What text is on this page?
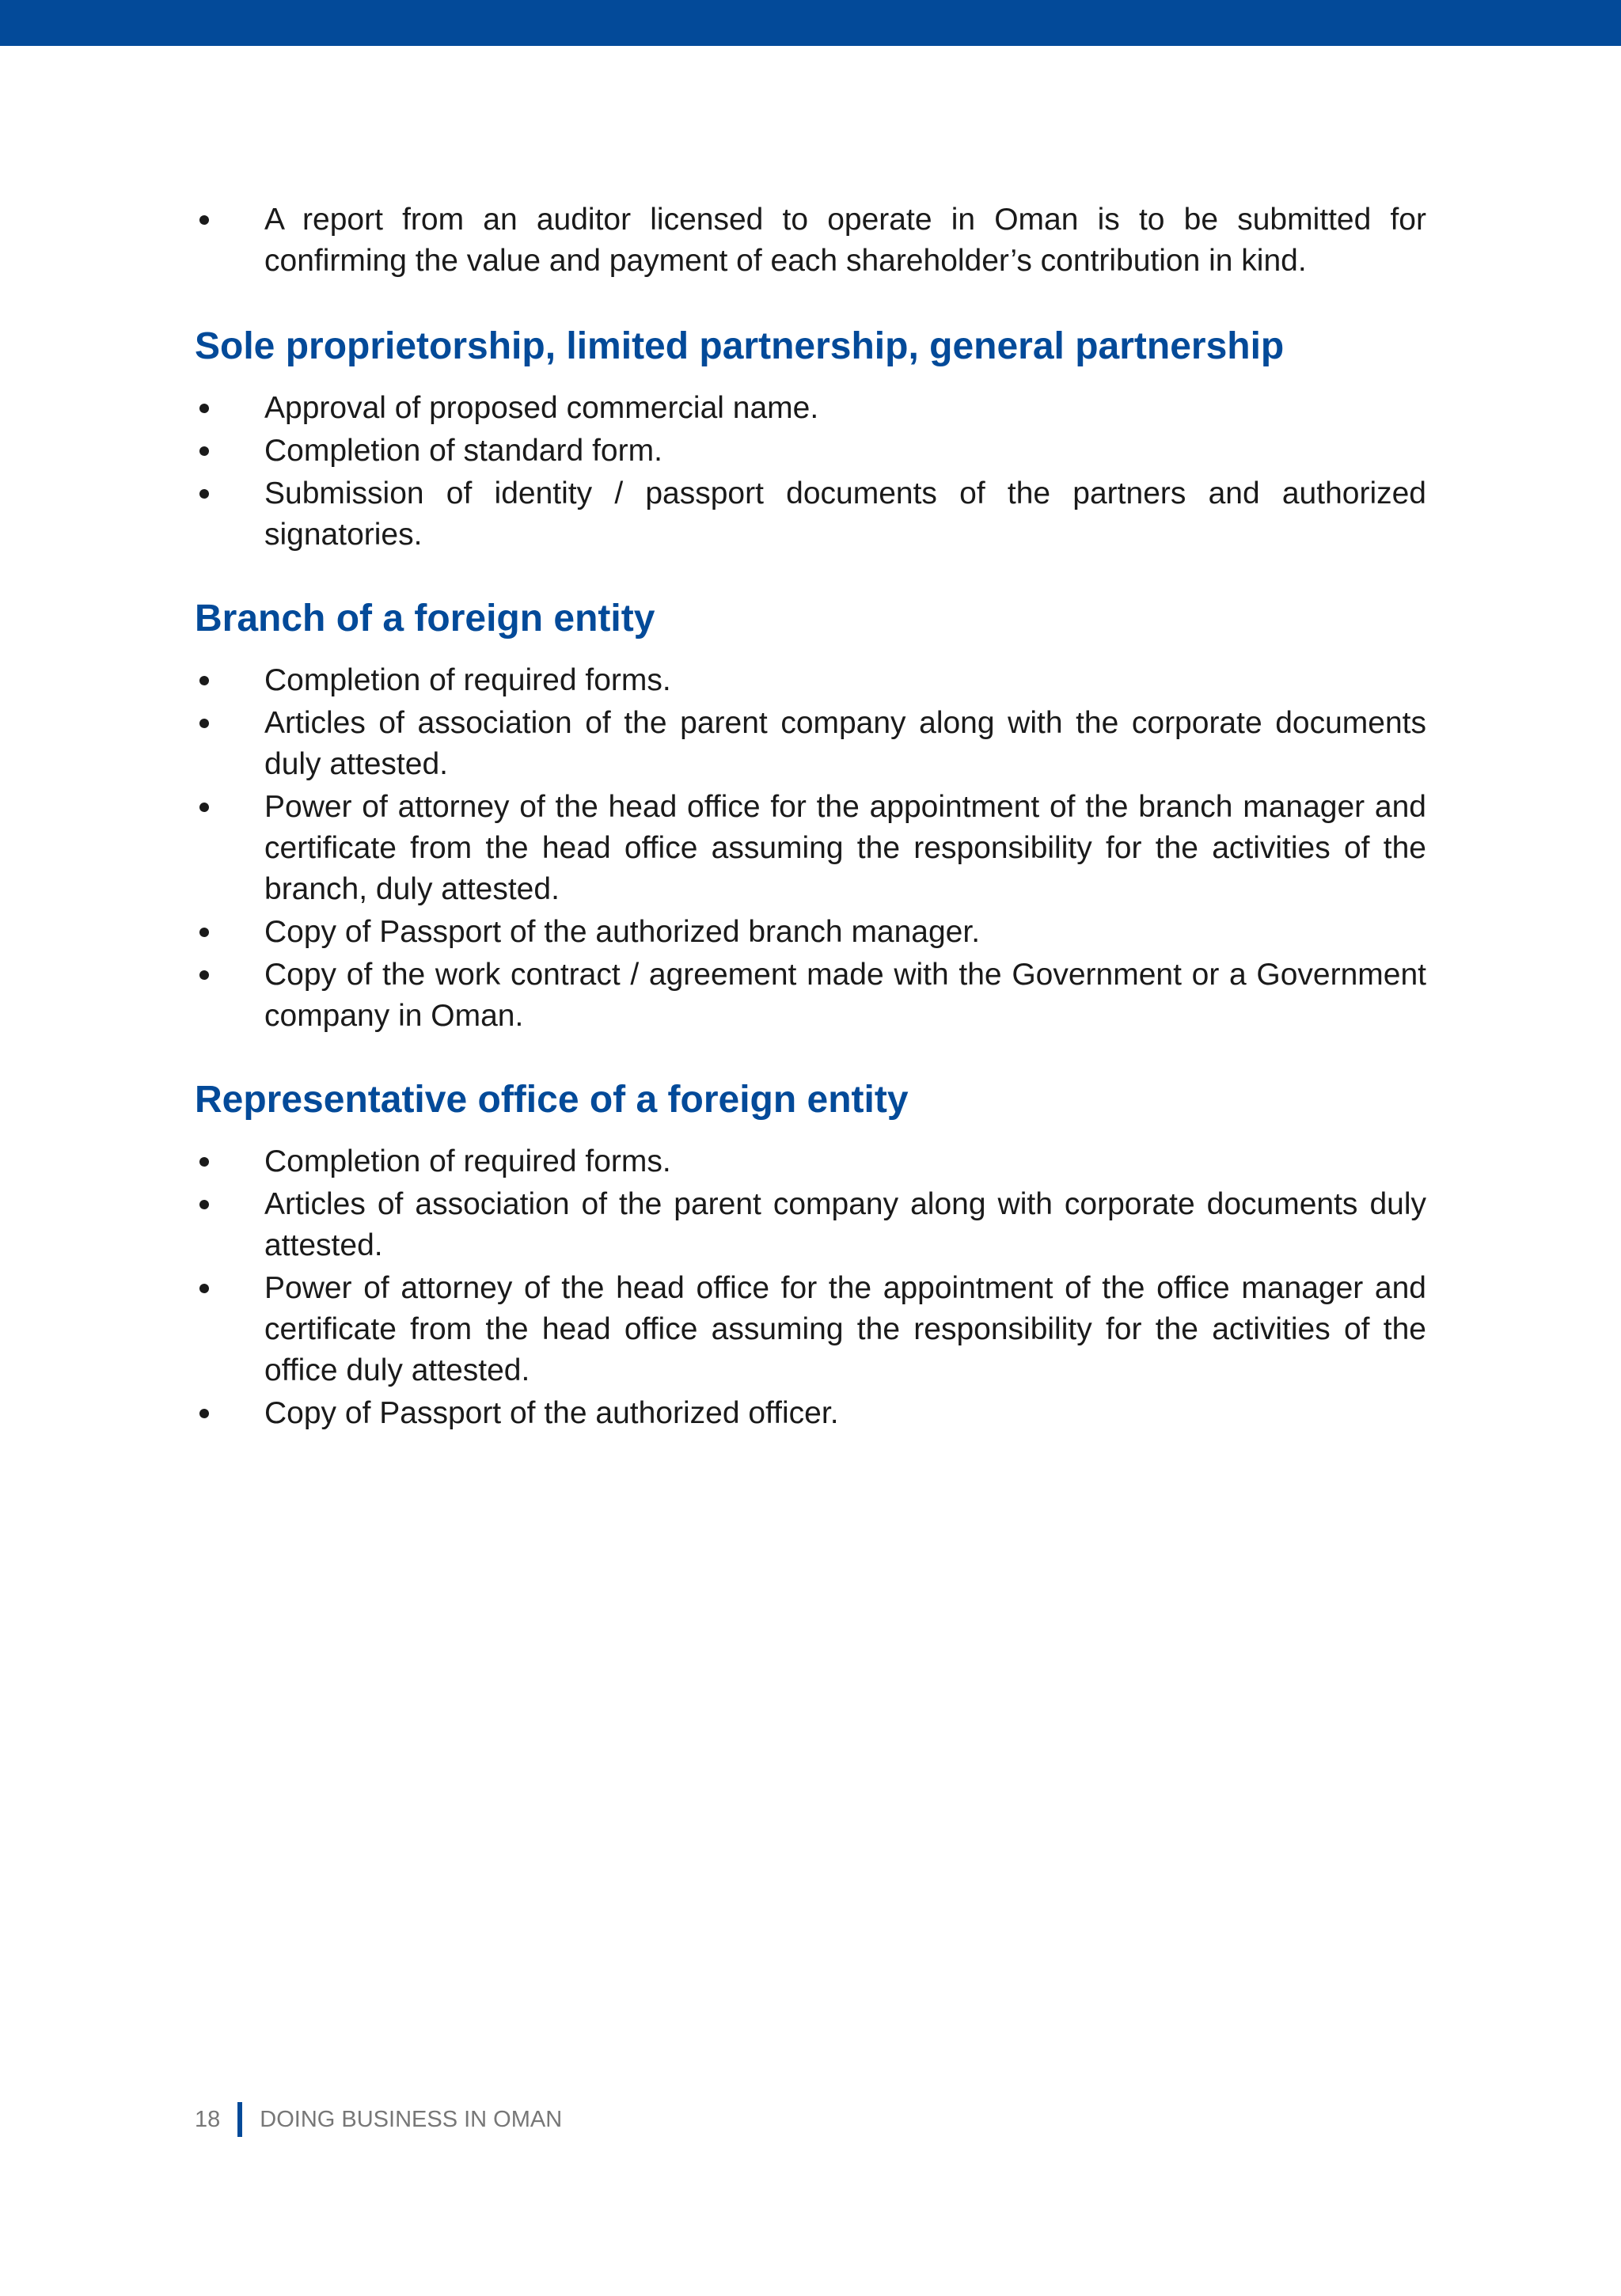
A report from an auditor licensed to operate in Oman is to be submitted for confirming the value and payment of each shareholder’s contribution in kind.
Sole proprietorship, limited partnership, general partnership
Approval of proposed commercial name.
Completion of standard form.
Submission of identity / passport documents of the partners and authorized signatories.
Branch of a foreign entity
Completion of required forms.
Articles of association of the parent company along with the corporate documents duly attested.
Power of attorney of the head office for the appointment of the branch manager and certificate from the head office assuming the responsibility for the activities of the branch, duly attested.
Copy of Passport of the authorized branch manager.
Copy of the work contract / agreement made with the Government or a Government company in Oman.
Representative office of a foreign entity
Completion of required forms.
Articles of association of the parent company along with corporate documents duly attested.
Power of attorney of the head office for the appointment of the office manager and certificate from the head office assuming the responsibility for the activities of the office duly attested.
Copy of Passport of the authorized officer.
18 DOING BUSINESS IN OMAN
